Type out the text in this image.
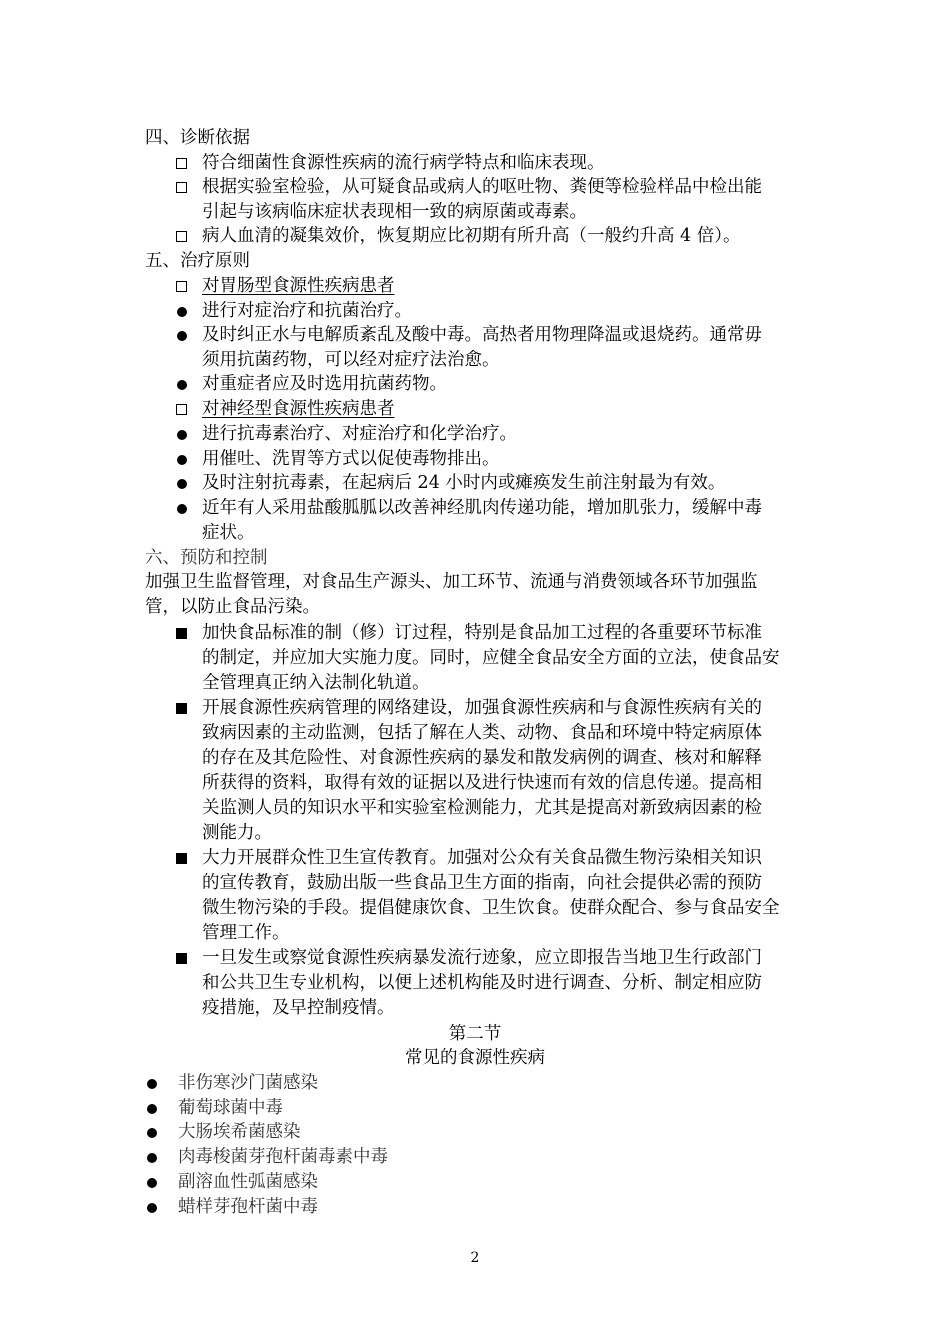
四、诊断依据
符合细菌性食源性疾病的流行病学特点和临床表现。
根据实验室检验，从可疑食品或病人的呕吐物、粪便等检验样品中检出能
引起与该病临床症状表现相一致的病原菌或毒素。
病人血清的凝集效价，恢复期应比初期有所升高（一般约升高 4 倍）。
五、治疗原则
对胃肠型食源性疾病患者
进行对症治疗和抗菌治疗。
及时纠正水与电解质紊乱及酸中毒。高热者用物理降温或退烧药。通常毋
须用抗菌药物，可以经对症疗法治愈。
对重症者应及时选用抗菌药物。
对神经型食源性疾病患者
进行抗毒素治疗、对症治疗和化学治疗。
用催吐、洗胃等方式以促使毒物排出。
及时注射抗毒素，在起病后 24 小时内或瘫痪发生前注射最为有效。
近年有人采用盐酸胍胍以改善神经肌肉传递功能，增加肌张力，缓解中毒
症状。
六、预防和控制
加强卫生监督管理，对食品生产源头、加工环节、流通与消费领域各环节加强监
管，以防止食品污染。
加快食品标准的制（修）订过程，特别是食品加工过程的各重要环节标准
的制定，并应加大实施力度。同时，应健全食品安全方面的立法，使食品安
全管理真正纳入法制化轨道。
开展食源性疾病管理的网络建设，加强食源性疾病和与食源性疾病有关的
致病因素的主动监测，包括了解在人类、动物、食品和环境中特定病原体
的存在及其危险性、对食源性疾病的暴发和散发病例的调查、核对和解释
所获得的资料，取得有效的证据以及进行快速而有效的信息传递。提高相
关监测人员的知识水平和实验室检测能力，尤其是提高对新致病因素的检
测能力。
大力开展群众性卫生宣传教育。加强对公众有关食品微生物污染相关知识
的宣传教育，鼓励出版一些食品卫生方面的指南，向社会提供必需的预防
微生物污染的手段。提倡健康饮食、卫生饮食。使群众配合、参与食品安全
管理工作。
一旦发生或察觉食源性疾病暴发流行迹象，应立即报告当地卫生行政部门
和公共卫生专业机构，以便上述机构能及时进行调查、分析、制定相应防
疫措施，及早控制疫情。
第二节
常见的食源性疾病
非伤寒沙门菌感染
葡萄球菌中毒
大肠埃希菌感染
肉毒梭菌芽孢杆菌毒素中毒
副溶血性弧菌感染
蜡样芽孢杆菌中毒
2
